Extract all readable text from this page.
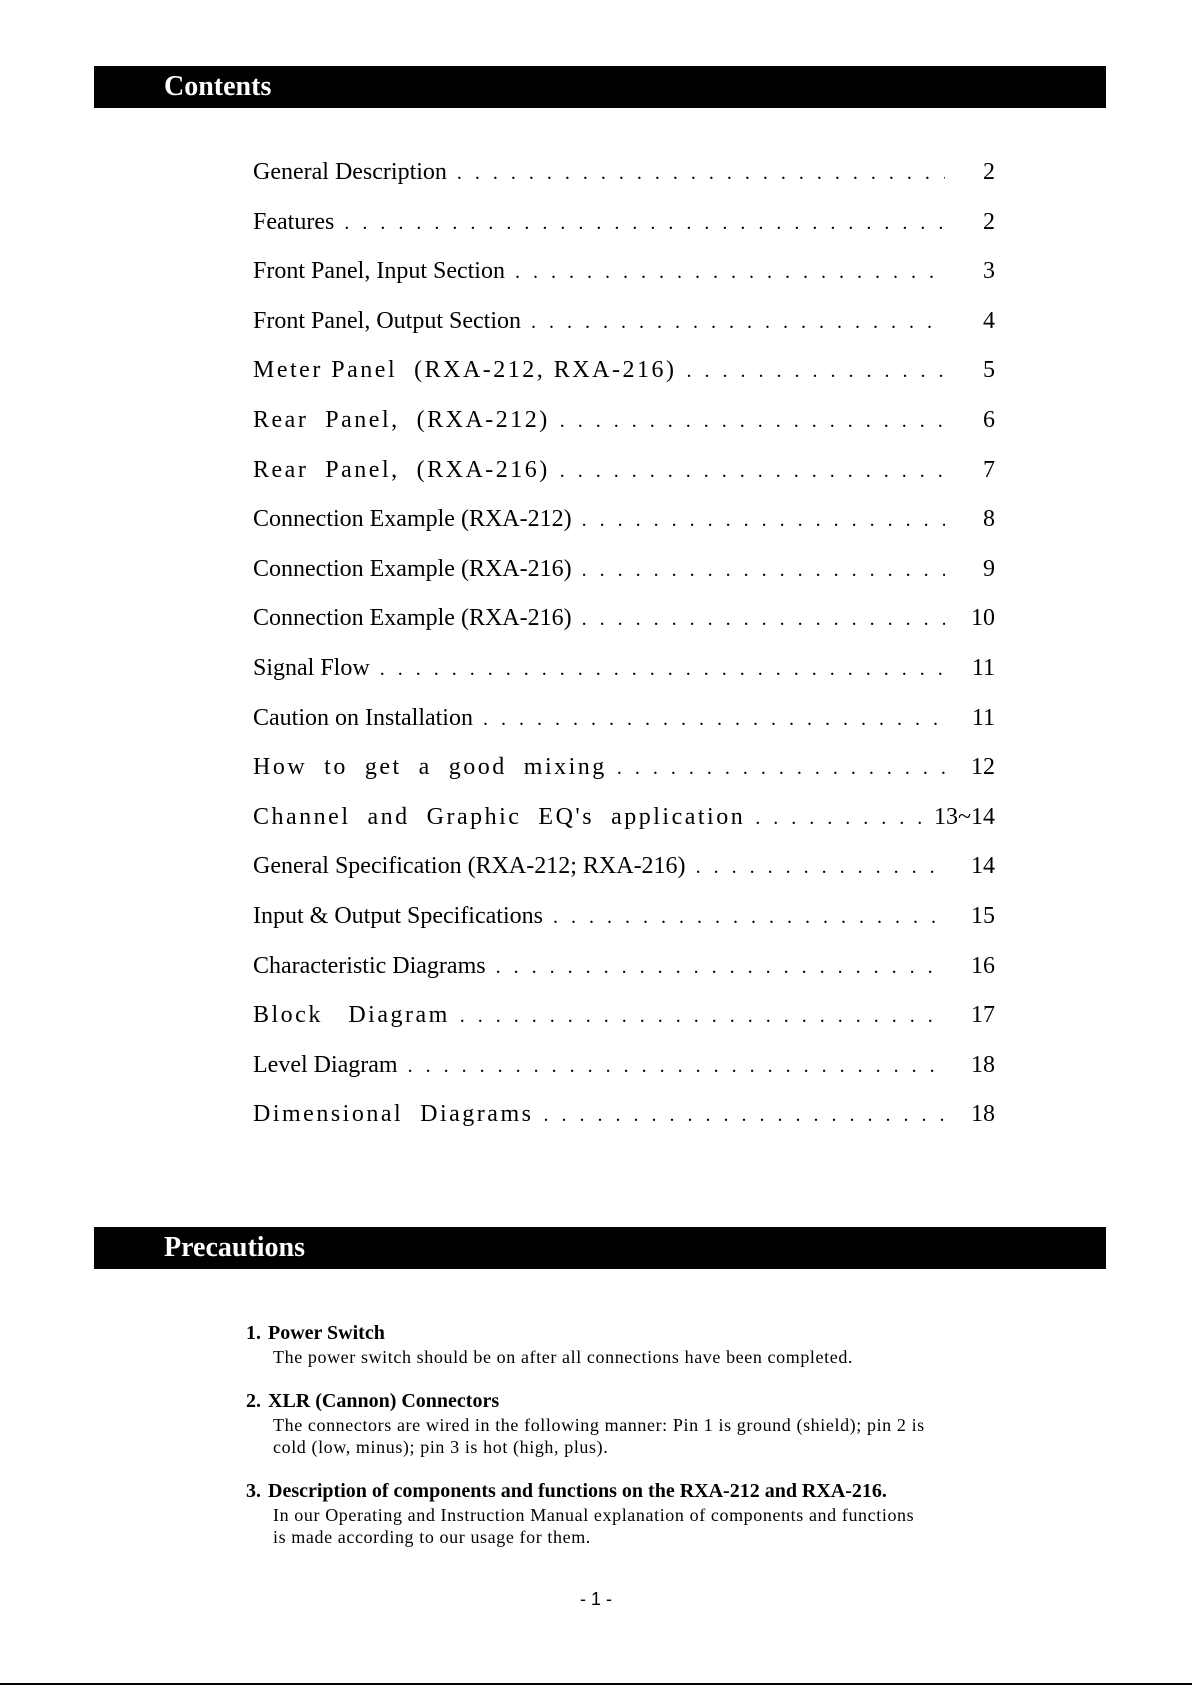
Contents
General Description . . .	2
Features . . .	2
Front Panel, Input Section . . .	3
Front Panel, Output Section . . .	4
Meter Panel  (RXA-212, RXA-216) . . .	5
Rear  Panel,  (RXA-212) . . .	6
Rear  Panel,  (RXA-216) . . .	7
Connection Example (RXA-212) . . .	8
Connection Example (RXA-216) . . .	9
Connection Example (RXA-216) . . .	10
Signal Flow . . .	11
Caution on Installation . . .	11
How  to  get  a  good  mixing . . .	12
Channel  and  Graphic  EQ's  application . . .	13~14
General Specification (RXA-212; RXA-216) . . .	14
Input & Output Specifications . . .	15
Characteristic Diagrams . . .	16
Block   Diagram . . .	17
Level Diagram . . .	18
Dimensional  Diagrams . . .	18
Precautions
1. Power Switch
The power switch should be on after all connections have been completed.
2. XLR (Cannon) Connectors
The connectors are wired in the following manner: Pin 1 is ground (shield); pin 2 is
cold (low, minus); pin 3 is hot (high, plus).
3. Description of components and functions on the RXA-212 and RXA-216.
In our Operating and Instruction Manual explanation of components and functions
is made according to our usage for them.
- 1 -
